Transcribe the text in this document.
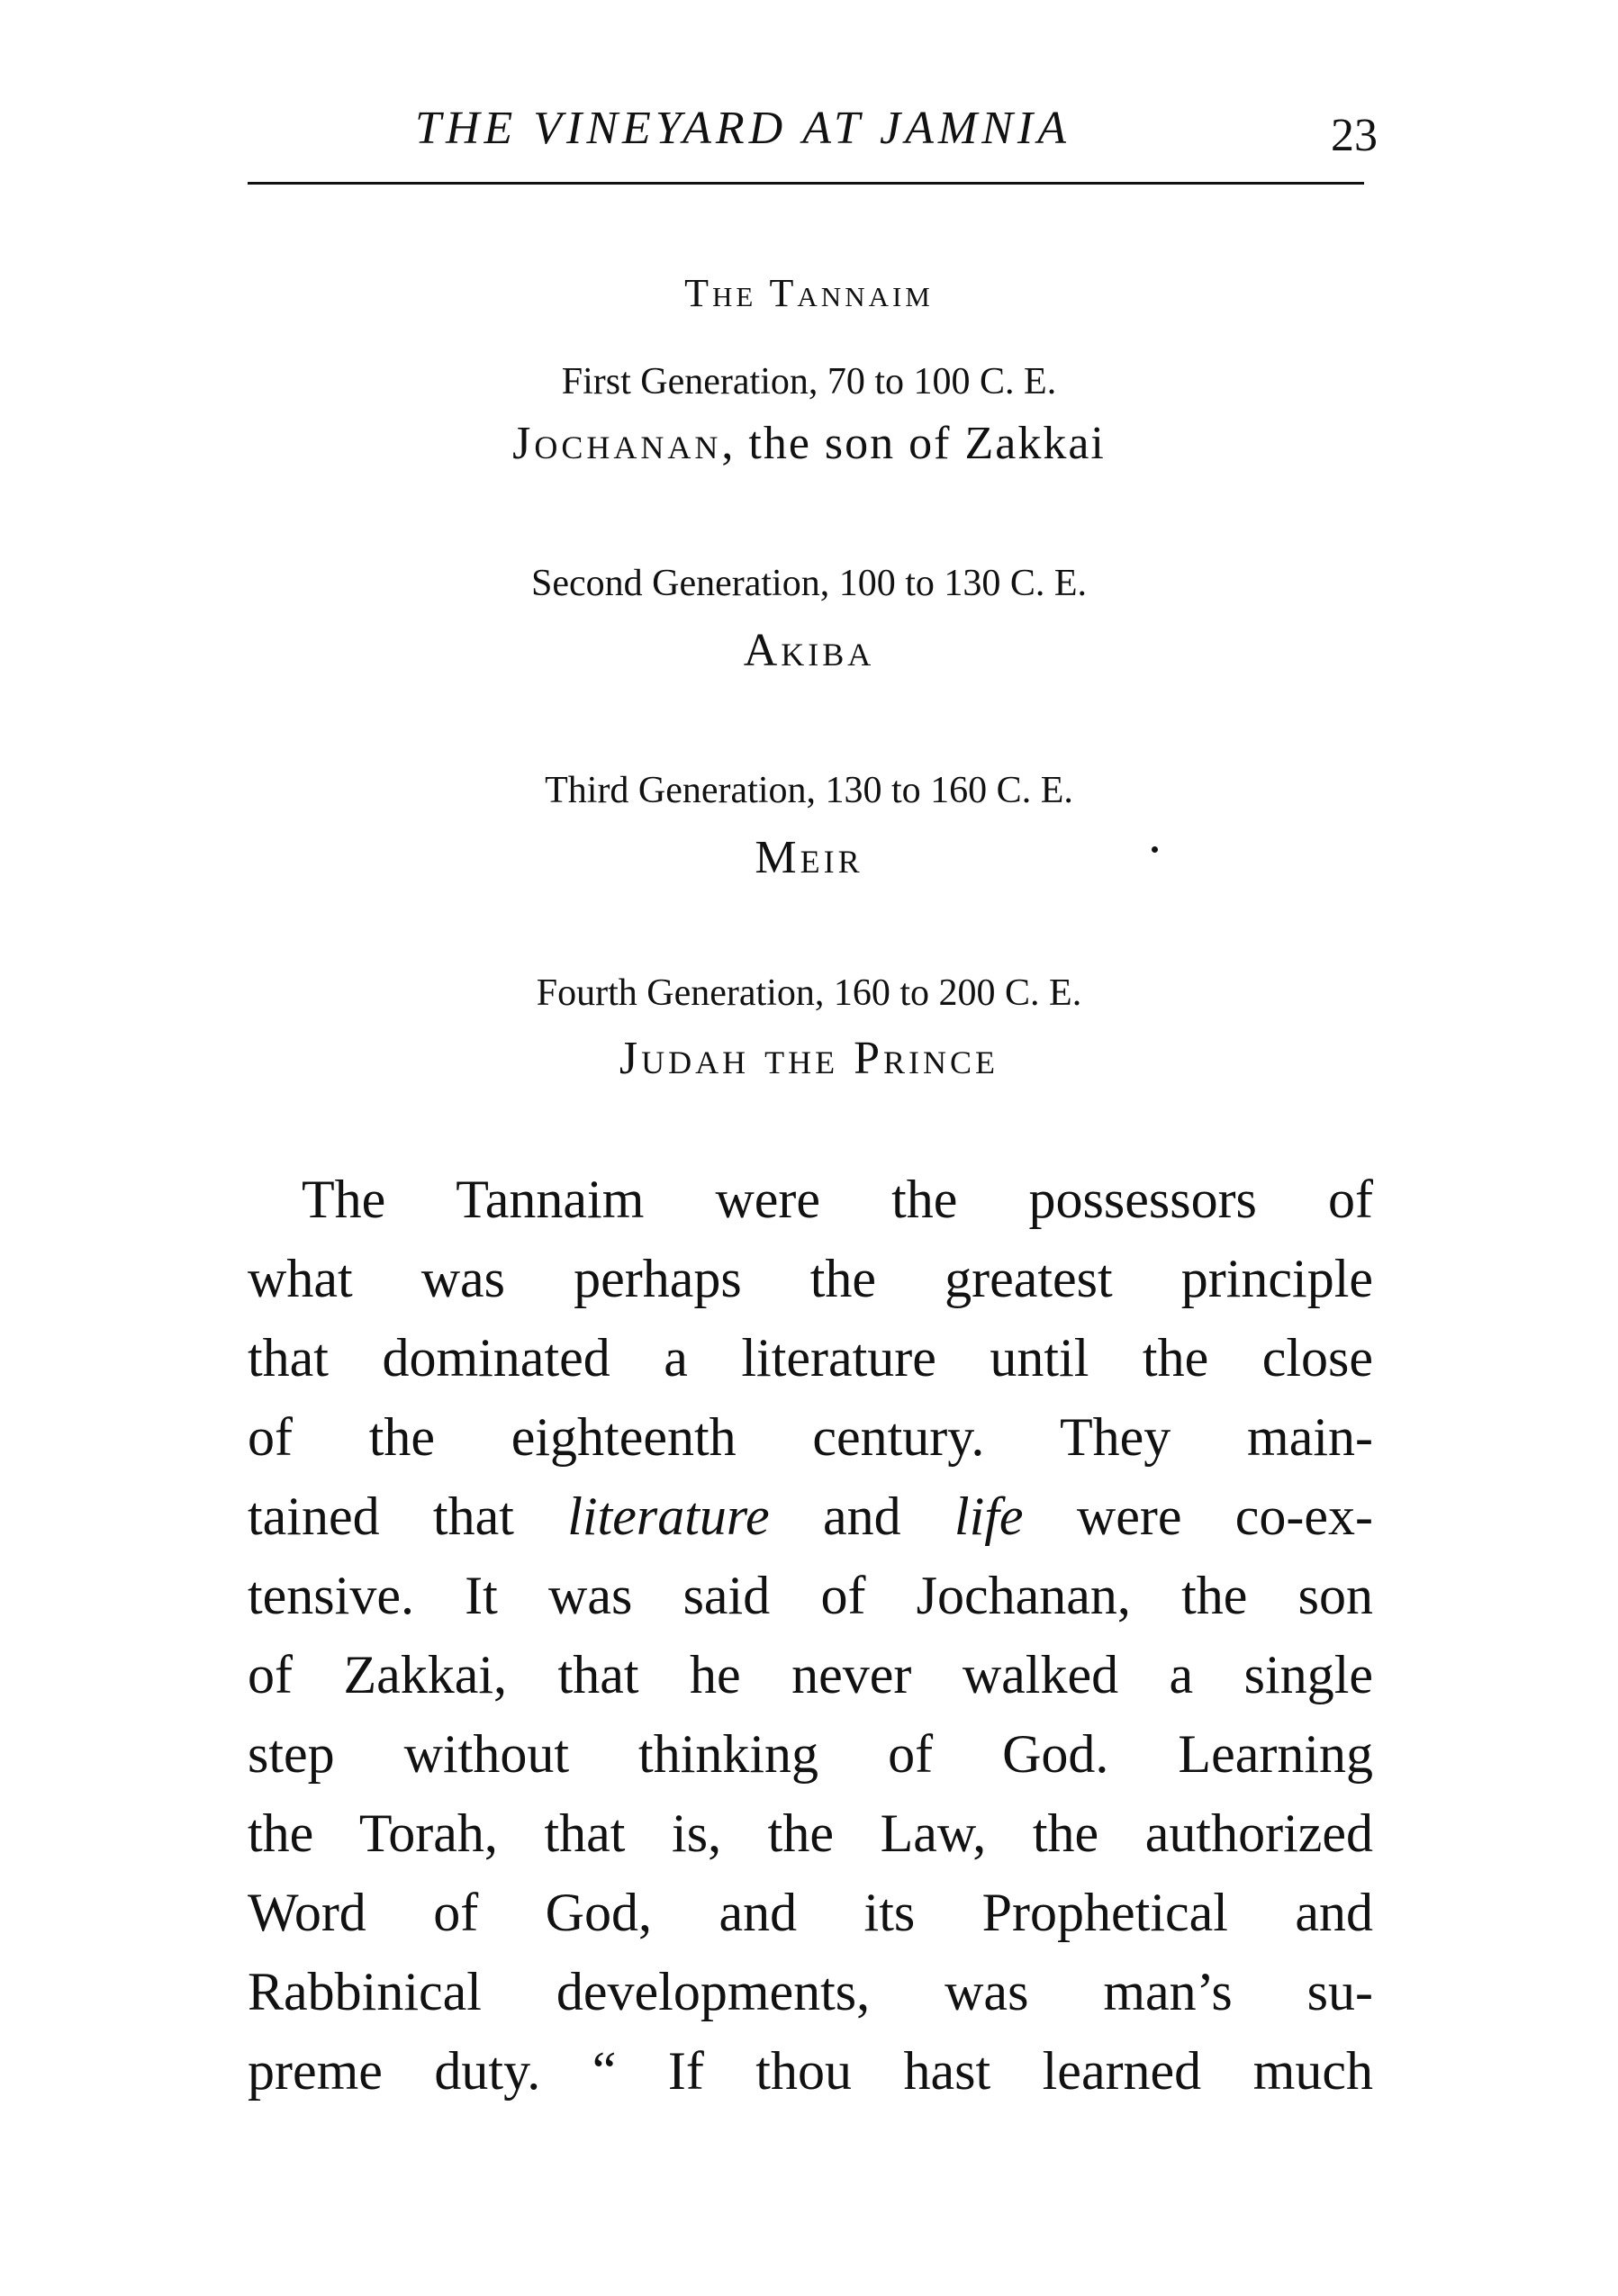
THE VINEYARD AT JAMNIA	23
The Tannaim
First Generation, 70 to 100 C. E.
Jochanan, the son of Zakkai
Second Generation, 100 to 130 C. E.
Akiba
Third Generation, 130 to 160 C. E.
Meir
Fourth Generation, 160 to 200 C. E.
Judah the Prince
The Tannaim were the possessors of
what was perhaps the greatest principle
that dominated a literature until the close
of the eighteenth century. They main-
tained that literature and life were co-ex-
tensive. It was said of Jochanan, the son
of Zakkai, that he never walked a single
step without thinking of God. Learning
the Torah, that is, the Law, the authorized
Word of God, and its Prophetical and
Rabbinical developments, was man’s su-
preme duty. “ If thou hast learned much
